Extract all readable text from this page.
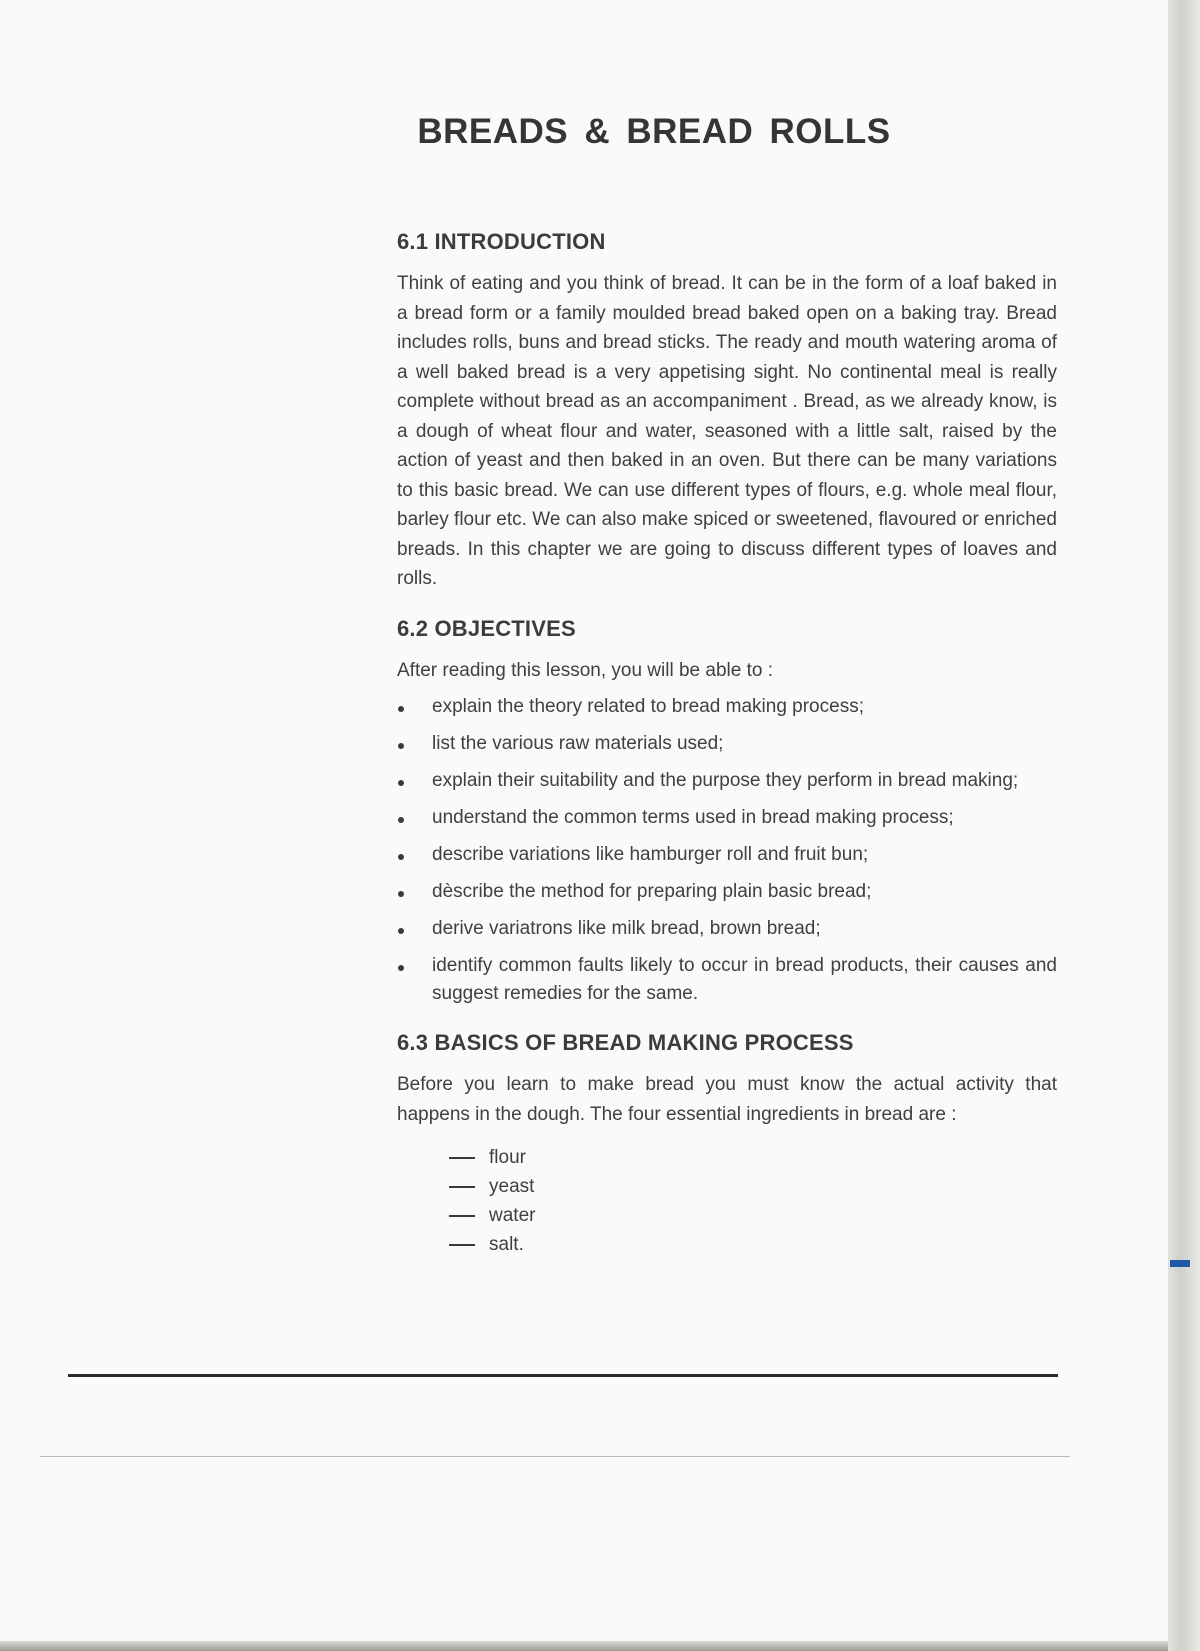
BREADS & BREAD ROLLS
6.1 INTRODUCTION

Think of eating and you think of bread. It can be in the form of a loaf baked in a bread form or a family moulded bread baked open on a baking tray. Bread includes rolls, buns and bread sticks. The ready and mouth watering aroma of a well baked bread is a very appetising sight. No continental meal is really complete without bread as an accompaniment . Bread, as we already know, is a dough of wheat flour and water, seasoned with a little salt, raised by the action of yeast and then baked in an oven. But there can be many variations to this basic bread. We can use different types of flours, e.g. whole meal flour, barley flour etc. We can also make spiced or sweetened, flavoured or enriched breads. In this chapter we are going to discuss different types of loaves and rolls.

6.2 OBJECTIVES

After reading this lesson, you will be able to :

explain the theory related to bread making process;
list the various raw materials used;
explain their suitability and the purpose they perform in bread making;
understand the common terms used in bread making process;
describe variations like hamburger roll and fruit bun;
dèscribe the method for preparing plain basic bread;
derive variatrons like milk bread, brown bread;
identify common faults likely to occur in bread products, their causes and suggest remedies for the same.
6.3 BASICS OF BREAD MAKING PROCESS

Before you learn to make bread you must know the actual activity that happens in the dough. The four essential ingredients in bread are :

flour
yeast
water
salt.
